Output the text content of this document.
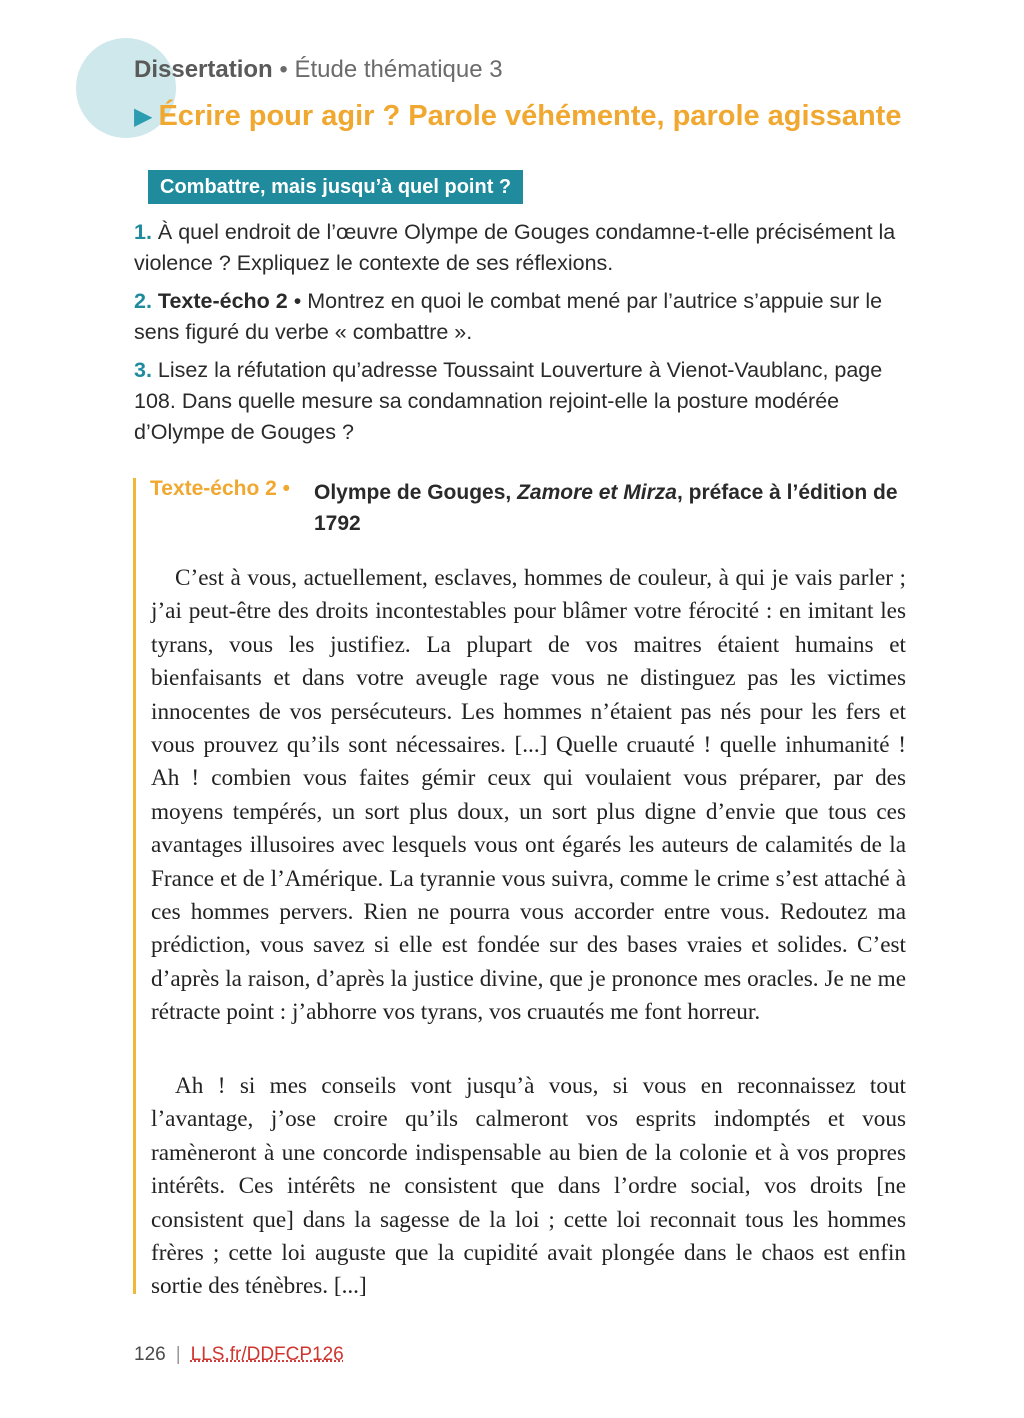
Dissertation • Étude thématique 3
▶ Écrire pour agir ? Parole véhémente, parole agissante
Combattre, mais jusqu’à quel point ?
1. À quel endroit de l’œuvre Olympe de Gouges condamne-t-elle précisément la violence ? Expliquez le contexte de ses réflexions.
2. Texte-écho 2 • Montrez en quoi le combat mené par l’autrice s’appuie sur le sens figuré du verbe « combattre ».
3. Lisez la réfutation qu’adresse Toussaint Louverture à Vienot-Vaublanc, page 108. Dans quelle mesure sa condamnation rejoint-elle la posture modérée d’Olympe de Gouges ?
Texte-écho 2 • Olympe de Gouges, Zamore et Mirza, préface à l’édition de 1792

C’est à vous, actuellement, esclaves, hommes de couleur, à qui je vais parler ; j’ai peut-être des droits incontestables pour blâmer votre férocité : en imitant les tyrans, vous les justifiez. La plupart de vos maitres étaient humains et bienfaisants et dans votre aveugle rage vous ne distinguez pas les victimes innocentes de vos persécuteurs. Les hommes n’étaient pas nés pour les fers et vous prouvez qu’ils sont nécessaires. [...] Quelle cruauté ! quelle inhumanité ! Ah ! combien vous faites gémir ceux qui voulaient vous préparer, par des moyens tempérés, un sort plus doux, un sort plus digne d’envie que tous ces avantages illusoires avec lesquels vous ont égarés les auteurs de calamités de la France et de l’Amérique. La tyrannie vous suivra, comme le crime s’est attaché à ces hommes pervers. Rien ne pourra vous accorder entre vous. Redoutez ma prédiction, vous savez si elle est fondée sur des bases vraies et solides. C’est d’après la raison, d’après la justice divine, que je prononce mes oracles. Je ne me rétracte point : j’abhorre vos tyrans, vos cruautés me font horreur.

Ah ! si mes conseils vont jusqu’à vous, si vous en reconnaissez tout l’avantage, j’ose croire qu’ils calmeront vos esprits indomptés et vous ramèneront à une concorde indispensable au bien de la colonie et à vos propres intérêts. Ces intérêts ne consistent que dans l’ordre social, vos droits [ne consistent que] dans la sagesse de la loi ; cette loi reconnait tous les hommes frères ; cette loi auguste que la cupidité avait plongée dans le chaos est enfin sortie des ténèbres. [...]

126 | LLS.fr/DDFCP126
